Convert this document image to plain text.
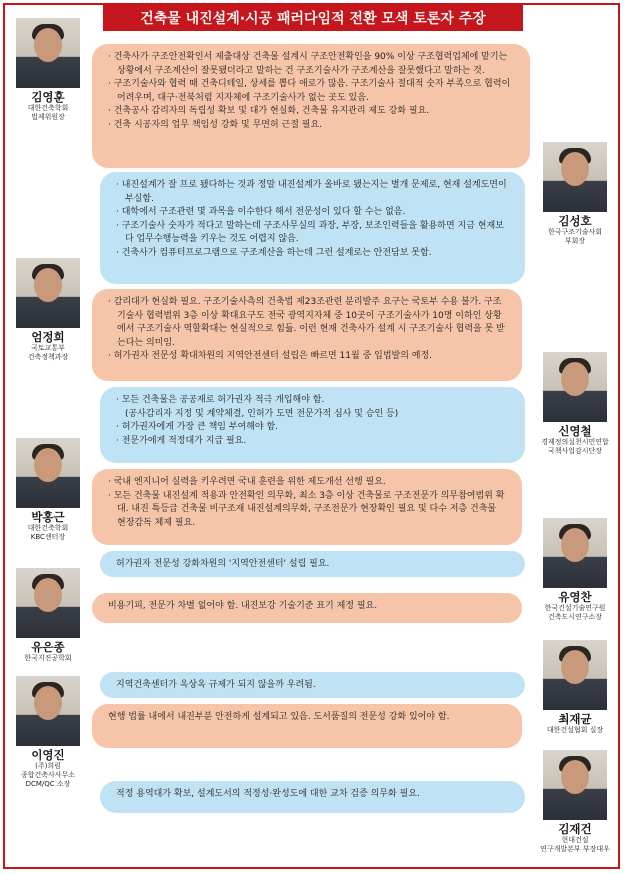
건축물 내진설계·시공 패러다임적 전환 모색 토론자 주장
김영훈
대한건축학회
법제위원장
· 건축사가 구조안전확인서 제출대상 건축물 설계시 구조안전확인을 90% 이상 구조협력업체에 맡기는 상황에서 구조계산이 잘못됐더라고 말하는 건 구조기술사가 구조계산을 잘못했다고 말하는 것.
· 구조기술사와 협력 때 건축디테일, 상세를 뽑다 애로가 많음. 구조기술사 절대적 숫자 부족으로 협력이 어려우며, 대구·전북처럼 지자체에 구조기술사가 없는 곳도 있음.
· 건축공사 감리자의 독립성 확보 및 대가 현실화, 건축물 유지관리 제도 강화 필요.
· 건축 시공자의 업무 책임성 강화 및 무면허 근절 필요.
김성호
한국구조기술사회
부회장
· 내진설계가 잘 프로 됐다하는 것과 정말 내진설계가 올바로 됐는지는 별개 문제로, 현재 설계도면이 부실함.
· 대학에서 구조관련 몇 과목을 이수한다 해서 전문성이 있다 할 수는 없음.
· 구조기술사 숫자가 적다고 말하는데 구조사무실의 과장, 부장, 보조인력들을 활용하면 지금 현재보다 업무수행능력을 키우는 것도 어렵지 않음.
· 건축사가 컴퓨터프로그램으로 구조계산을 하는데 그런 설계로는 안전담보 못함.
엄정희
국토교통부
건축정책과장
· 감리대가 현실화 필요. 구조기술사측의 건축법 제23조관련 분리발주 요구는 국토부 수용 불가. 구조기술사 협력범위 3층 이상 확대요구도 전국 광역지자체 중 10곳이 구조기술사가 10명 이하인 상황에서 구조기술사 역할확대는 현실적으로 힘듦. 이런 현재 건축사가 설계 시 구조기술사 협력을 못 받는다는 의미임.
· 허가권자 전문성 확대차원의 지역안전센터 설립은 빠르면 11월 중 입법발의 예정.
신영철
경제정의실천시민연합
국책사업감시단장
· 모든 건축물은 공공재로 허가권자 적극 개입해야 함.
(공사감리자 지정 및 계약체결, 인허가 도면 전문가적 심사 및 승인 등)
· 허가권자에게 가장 큰 책임 부여해야 함.
· 전문가에게 적정대가 지급 필요.
박홍근
대한건축학회
KBC센터장
· 국내 엔지니어 실력을 키우려면 국내 훈련을 위한 제도개선 선행 필요.
· 모든 건축물 내진설계 적용과 안전확인 의무화, 최소 3층 이상 건축물로 구조전문가 의무참여범위 확대. 내진 특등급 건축물 비구조재 내진설계의무화, 구조전문가 현장확인 필요 및 다수 저층 건축물 현장감독 체제 필요.
유영찬
한국건설기술연구원
건축도시연구소장
허가권자 전문성 강화차원의 '지역안전센터' 설립 필요.
유은종
한국지진공학회
비용기피, 전문가 차별 없어야 함. 내진보강 기술기준 표기 제정 필요.
최재균
대한건설협회 실장
지역건축센터가 옥상옥 규제가 되지 않을까 우려됨.
이영진
(주)희림
종합건축사사무소
DCM/QC 소장
현행 법률 내에서 내진부분 안전하게 설계되고 있음. 도서품질의 전문성 강화 있어야 함.
김재건
현대건설
연구개발본부 부장대우
적정 용역대가 확보, 설계도서의 적정성·완성도에 대한 교차 검증 의무화 필요.
